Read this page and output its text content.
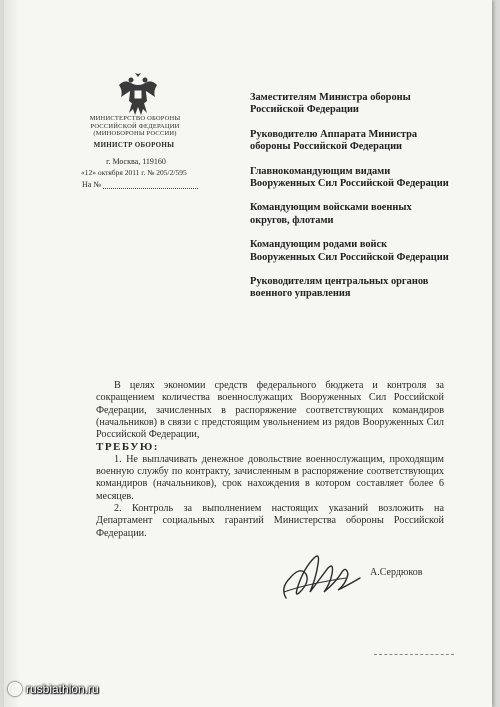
МИНИСТЕРСТВО ОБОРОНЫ
РОССИЙСКОЙ ФЕДЕРАЦИИ
(МИНОБОРОНЫ РОССИИ)
МИНИСТР ОБОРОНЫ
г. Москва, 119160
«12» октября 2011 г. № 205/2/595
На №
Заместителям Министра обороны Российской Федерации
Руководителю Аппарата Министра обороны Российской Федерации
Главнокомандующим видами Вооруженных Сил Российской Федерации
Командующим войсками военных округов, флотами
Командующим родами войск Вооруженных Сил Российской Федерации
Руководителям центральных органов военного управления

В целях экономии средств федерального бюджета и контроля за сокращением количества военнослужащих Вооруженных Сил Российской Федерации, зачисленных в распоряжение соответствующих командиров (начальников) в связи с предстоящим увольнением из рядов Вооруженных Сил Российской Федерации,

ТРЕБУЮ:

1. Не выплачивать денежное довольствие военнослужащим, проходящим военную службу по контракту, зачисленным в распоряжение соответствующих командиров (начальников), срок нахождения в котором составляет более 6 месяцев.

2. Контроль за выполнением настоящих указаний возложить на Департамент социальных гарантий Министерства обороны Российской Федерации.

А.Сердюков
rusbiathlon.ru
